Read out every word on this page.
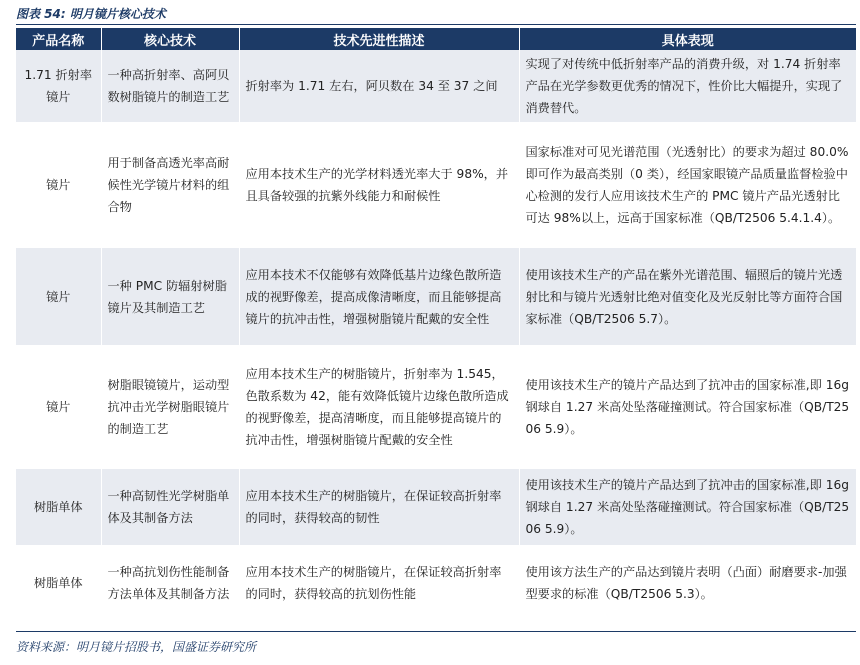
图表 54: 明月镜片核心技术
产品名称	核心技术	技术先进性描述	具体表现
1.71 折射率镜片	一种高折射率、高阿贝数树脂镜片的制造工艺	折射率为 1.71 左右，阿贝数在 34 至 37 之间	实现了对传统中低折射率产品的消费升级，对 1.74 折射率产品在光学参数更优秀的情况下，性价比大幅提升，实现了消费替代。
镜片	用于制备高透光率高耐候性光学镜片材料的组合物	应用本技术生产的光学材料透光率大于 98%，并且具备较强的抗紫外线能力和耐候性	国家标准对可见光谱范围（光透射比）的要求为超过 80.0%即可作为最高类别（0 类），经国家眼镜产品质量监督检验中心检测的发行人应用该技术生产的 PMC 镜片产品光透射比可达 98%以上，远高于国家标准（QB/T2506 5.4.1.4）。
镜片	一种 PMC 防辐射树脂镜片及其制造工艺	应用本技术不仅能够有效降低基片边缘色散所造成的视野像差，提高成像清晰度，而且能够提高镜片的抗冲击性，增强树脂镜片配戴的安全性	使用该技术生产的产品在紫外光谱范围、辐照后的镜片光透射比和与镜片光透射比绝对值变化及光反射比等方面符合国家标准（QB/T2506 5.7）。
镜片	树脂眼镜镜片，运动型抗冲击光学树脂眼镜片的制造工艺	应用本技术生产的树脂镜片，折射率为 1.545，色散系数为 42，能有效降低镜片边缘色散所造成的视野像差，提高清晰度，而且能够提高镜片的抗冲击性，增强树脂镜片配戴的安全性	使用该技术生产的镜片产品达到了抗冲击的国家标准,即 16g 钢球自 1.27 米高处坠落碰撞测试。符合国家标准（QB/T2506 5.9）。
树脂单体	一种高韧性光学树脂单体及其制备方法	应用本技术生产的树脂镜片，在保证较高折射率的同时，获得较高的韧性	使用该技术生产的镜片产品达到了抗冲击的国家标准,即 16g 钢球自 1.27 米高处坠落碰撞测试。符合国家标准（QB/T2506 5.9）。
树脂单体	一种高抗划伤性能制备方法单体及其制备方法	应用本技术生产的树脂镜片，在保证较高折射率的同时，获得较高的抗划伤性能	使用该方法生产的产品达到镜片表明（凸面）耐磨要求-加强型要求的标准（QB/T2506 5.3）。
资料来源：明月镜片招股书，国盛证券研究所
